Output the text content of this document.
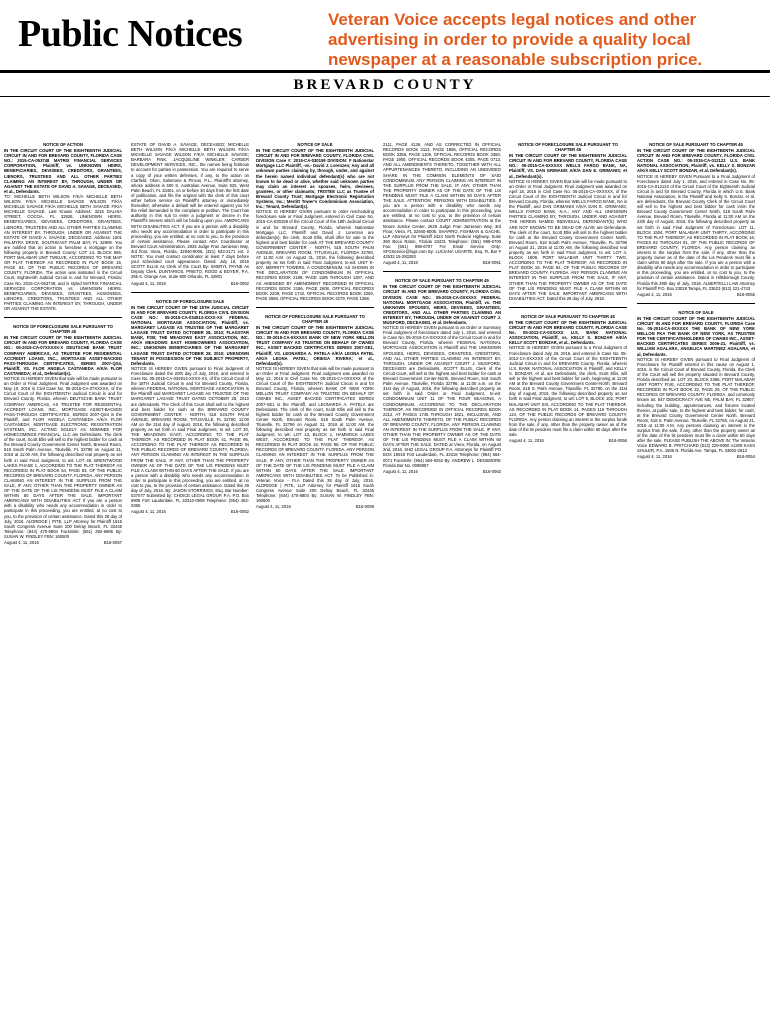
Public Notices	Veteran Voice accepts legal notices and other advertising in order to provide a quality local newspaper at a reasonable subscription price.
BREVARD COUNTY
NOTICE OF ACTION
IN THE CIRCUIT COURT OF THE EIGHTEENTH JUDICIAL CIRCUIT IN AND FOR BREVARD COUNTY, FLORIDA CASE NO.: 2015-CA-053748 MATRIX FINANCIAL SERVICES CORPORATION, Plaintiff, vs. UNKNOWN HEIRS, BENEFICIARIES, DEVISEES, CREDITORS, GRANTEES, LIENORS, TRUSTEES AND ALL OTHER PARTIES CLAIMING AN INTEREST BY, THROUGH, UNDER OR AGAINST THE ESTATE OF DAVID A. SAVAGE, DECEASED, et al., Defendants.

TO: MICHELLE BETH WILSON F/K/A MICHELLE BETH WILSON F/K/A MICHELLE SAVAGE WILSON F/K/A MICHELLE SAVAGE F/K/A MICHELLE BETH SAVAGE F/K/A MICHELLE SAVAGE. Last Known Address: 3215 DALHIA STREET, COCOA, FL 32926. UNKNOWN HEIRS, BENEFICIARIES, DEVISEES, CREDITORS, GRANTEES, LIENORS, TRUSTEES AND ALL OTHER PARTIES CLAIMING AN INTEREST BY, THROUGH, UNDER OR AGAINST THE ESTATE OF DAVID A. SAVAGE, DECEASED. Address: 1501 PALMYRA DRIVE, SOUTHEAST PALM BAY, FL 32909. You are notified that an action to foreclose a mortgage on the following property in Brevard County: LOT 14, BLOCK 565, PORT MALABAR UNIT TWELVE, ACCORDING TO THE MAP OR PLAT THEREOF AS RECORDED IN PLAT BOOK 15, PAGE 54, OF THE PUBLIC RECORDS OF BREVARD COUNTY, FLORIDA. The action was instituted in the Circuit Court, Eighteenth Judicial Circuit in and for Brevard, Florida; Case No. 2015-CA-053748; and is styled MATRIX FINANCIAL SERVICES CORPORATION vs. UNKNOWN HEIRS, BENEFICIARIES, DEVISEES, GRANTEES, ASSIGNEES, LIENORS, CREDITORS, TRUSTEES AND ALL OTHER PARTIES CLAIMING AN INTEREST BY, THROUGH, UNDER OR AGAINST THE ESTATE.

NOTICE OF FORECLOSURE SALE PURSUANT TO CHAPTER 45
IN THE CIRCUIT COURT OF THE EIGHTEENTH JUDICIAL CIRCUIT IN AND FOR BREVARD COUNTY, FLORIDA CASE NO.: 05-2015-CA-07XXXXX-X DEUTSCHE BANK TRUST COMPANY AMERICAS, AS TRUSTEE FOR RESIDENTIAL ACCREDIT LOANS, INC., MORTGAGE ASSET-BACKED PASS-THROUGH CERTIFICATES, SERIES 2007-QS4, Plaintiff, VS. FLOR ANGELA CASTANEDA A/K/A FLOR CASTANEDA; et al., Defendant(s).

NOTICE IS HEREBY GIVEN that sale will be made pursuant to an Order or Final Judgment. Final Judgment was awarded on May 10, 2016 in Civil Case No. 05-2015-CA-07XXXXX, of the Circuit Court of the EIGHTEENTH Judicial Circuit in and for Brevard County, Florida, wherein DEUTSCHE BANK TRUST COMPANY AMERICAS, AS TRUSTEE FOR RESIDENTIAL ACCREDIT LOANS, INC., MORTGAGE ASSET-BACKED PASS-THROUGH CERTIFICATES, SERIES 2007-QS4 is the Plaintiff, and FLOR ANGELA CASTANEDA A/K/A FLOR CASTANEDA; MORTGAGE ELECTRONIC REGISTRATION SYSTEMS, INC. ACTING SOLELY AS NOMINEE FOR HOMECOMINGS FINANCIAL, LLC are Defendants. The clerk of the court, Scott Ellis will sell to the highest bidder for cash at the Brevard County Government Center North, Brevard Room, 518 South Palm Avenue, Titusville, FL 32796 on August 31, 2016 at 11:00 AM, the following described real property as set forth in said Final Judgment, to wit: LOT 48, BRENTWOOD LAKES PHASE 1, ACCORDING TO THE PLAT THEREOF AS RECORDED IN PLAT BOOK 54, PAGE 93, OF THE PUBLIC RECORDS OF BREVARD COUNTY, FLORIDA. ANY PERSON CLAIMING AN INTEREST IN THE SURPLUS FROM THE SALE, IF ANY, OTHER THAN THE PROPERTY OWNER AS OF THE DATE OF THE LIS PENDENS MUST FILE A CLAIM WITHIN 60 DAYS AFTER THE SALE. IMPORTANT AMERICANS WITH DISABILITIES ACT If you are a person with a disability who needs any accommodation in order to participate in this proceeding, you are entitled, at no cost to you, to the provision of certain assistance. Dated this 28 day of July, 2016. ALDRIDGE | PITE, LLP Attorney for Plaintiff 1615 South Congress Avenue Suite 200 Delray Beach, FL 33445 Telephone: (844) 470-8804 Facsimile: (561) 392-6965 By: SUSAN W. FINDLEY FBN: 160600

August 4, 11, 2016	B16-0057

ESTATE OF DAVID A. SAVAGE, DECEASED; MICHELLE BETH WILSON F/K/A MICHELLE BETH WILSON F/K/A MICHELLE SAVAGE WILSON F/K/A MICHELLE SAVAGE; BARBARA FINK; JACQUELINE WINKLER; CAREER DEVELOPMENT SERVICES, INC., the names being fictitious to account for parties in possession. You are required to serve a copy of your written defenses, if any, to the action on Clarfield, Okon, Salomone & Pincus, P.L., Plaintiff's attorney, whose address is 500 S. Australian Avenue, Suite 825, West Palm Beach, FL 33401, on or before 30 days from the first date of publication, and file the original with the clerk of this court either before service on Plaintiff's attorney or immediately thereafter; otherwise a default will be entered against you for the relief demanded in the complaint or petition. The Court has authority in this suit to enter a judgment or decree in the Plaintiff's interest which will be binding upon you. AMERICANS WITH DISABILITIES ACT. If you are a person with a disability who needs any accommodation in order to participate in this proceeding, you are entitled, at no cost to you, to the provision of certain assistance. Please contact ADA Coordinator at Brevard Court Administration, 2825 Judge Fran Jamieson Way, 3rd floor, Viera, Florida, 32940-8006, (321) 633-2171 ext. 2 NOTE: You must contact coordinator at least 7 days before your scheduled court appearance. Dated: July 18, 2016 SCOTT ELLIS As Clerk of the Court By: SHERYL PAYNE As Deputy Clerk. DUNTARIOS, PRIETO, ROOD & BOYER, P.A. 255 S. Orange Ave, Suite 900 Orlando, FL 32801

August 4, 11, 2016	B16-0062
NOTICE OF FORECLOSURE SALE
IN THE CIRCUIT COURT OF THE 18TH JUDICIAL CIRCUIT IN AND FOR BREVARD COUNTY, FLORIDA CIVIL DIVISION CASE NO.: 05-2015-CA-034913-XXXX-XX FEDERAL NATIONAL MORTGAGE ASSOCIATION, Plaintiff, vs. MARGARET LAGASE AS TRUSTEE OF THE MARGARET LAGASE TRUST DATED OCTOBER 28, 2010; FLAGSTAR BANK, FSB; THE MEADOWS EAST ASSOCIATION, INC. A/K/A MEADOWS EAST HOMEOWNERS ASSOCIATION, INC.; UNKNOWN BENEFICIARIES OF THE MARGARET LAGASE TRUST DATED OCTOBER 28, 2010; UNKNOWN TENANT IN POSSESSION OF THE SUBJECT PROPERTY, Defendants.

NOTICE IS HEREBY GIVEN pursuant to Final Judgment of Foreclosure dated the 20th day of July, 2016, and entered in Case No. 05-2015-CA-034913-XXXX-XX, of the Circuit Court of the 18TH Judicial Circuit in and for Brevard County, Florida, wherein FEDERAL NATIONAL MORTGAGE ASSOCIATION is the Plaintiff and MARGARET LAGASE AS TRUSTEE OF THE MARGARET LAGASE TRUST DATED OCTOBER 28, 2010 are defendants. The Clerk of this Court shall sell to the highest and best bidder for cash at the BREVARD COUNTY GOVERNMENT CENTER - NORTH, 518 SOUTH PALM AVENUE, BREVARD ROOM, TITUSVILLE, FL 32780, 11:00 AM on the 31st day of August, 2016, the following described property as set forth in said Final Judgment, to wit: LOT 30, THE MEADOWS EAST, ACCORDING TO THE PLAT THEREOF, AS RECORDED IN PLAT BOOK 41, PAGE 95, ACCORDING TO THE PLAT THEREOF AS RECORDED IN THE PUBLIC RECORDS OF BREVARD COUNTY, FLORIDA. ANY PERSON CLAIMING AN INTEREST IN THE SURPLUS FROM THE SALE, IF ANY, OTHER THAN THE PROPERTY OWNER AS OF THE DATE OF THE LIS PENDENS MUST FILE A CLAIM WITHIN 60 DAYS AFTER THE SALE. If you are a person with a disability who needs any accommodation in order to participate in this proceeding, you are entitled, at no cost to you, to the provision of certain assistance. Dated this 29 day of July, 2016. By: JASON STORRINGS, Esq. Bar Number: 027077 Submitted by: CHOICE LEGAL GROUP, P.A. P.O. Box 9908 Fort Lauderdale, FL 33310-0908 Telephone: (954) 453-0365

August 4, 11, 2016	B16-0052
NOTICE OF SALE
IN THE CIRCUIT COURT OF THE EIGHTEENTH JUDICIAL CIRCUIT IN AND FOR BREVARD COUNTY, FLORIDA CIVIL DIVISION Case #: 2015-CA-030159 DIVISION: F Nationstar Mortgage LLC Plaintiff, -vs.- David J. Lorenzen; Any and all unknown parties claiming by, through, under, and against the herein named individual defendant(s) who are not known to be dead or alive, whether said unknown parties may claim an interest as spouses, heirs, devisees, grantees, or other claimants; TRISTEE LLC as Trustee of Brevard County Trust; Mortgage Electronic Registration Systems, Inc.; Merritt Tower's Condominium Association, Inc.; Tenant, Defendant(s).

NOTICE IS HEREBY GIVEN pursuant to order rescheduling foreclosure sale or Final Judgment, entered in Civil Case No. 2015-CA-030159 of the Circuit Court of the 18th Judicial Circuit in and for Brevard County, Florida, wherein Nationstar Mortgage LLC, Plaintiff and David J. Lorenzen are defendant(s), the clerk, Scott Ellis, shall offer for sale to the highest and best bidder for cash AT THE BREVARD COUNTY GOVERNMENT CENTER - NORTH, 518 SOUTH PALM AVENUE, BREVARD ROOM, TITUSVILLE, FLORIDA 32780, AT 11:00 A.M. on August 31, 2016, the following described property as set forth in said Final Judgment, to-wit: UNIT K-407, MERRITT TOWERS, A CONDOMINIUM, AS SHOWN IN THE DECLARATION OF CONDOMINIUM IN OFFICIAL RECORDS BOOK 2189, PAGE 1195 THROUGH 1307, AND AS AMENDED BY AMENDMENT RECORDED IN OFFICIAL RECORDS BOOK 2196, PAGE 2608, OFFICIAL RECORDS BOOK 2209, PAGE 1742, OFFICIAL RECORDS BOOK 2250, PAGE 2669, OFFICIAL RECORDS BOOK 2279, PAGE 1398.

NOTICE OF FORECLOSURE SALE PURSUANT TO CHAPTER 45
IN THE CIRCUIT COURT OF THE EIGHTEENTH JUDICIAL CIRCUIT IN AND FOR BREVARD COUNTY, FLORIDA CASE NO.: 05-2015-CA-0XXXXX BANK OF NEW YORK MELLON TRUST COMPANY AS TRUSTEE ON BEHALF OF CWABS INC., ASSET BACKED CERTIFICATES SERIES 2007-SE1, Plaintiff, VS. LEONARDA A. PATELA A/K/A LEONA PATEL A/K/A LEONA PATEL; ORIEGA RIVERA; et al., Defendant(s).

NOTICE IS HEREBY GIVEN that sale will be made pursuant to an Order or Final Judgment. Final Judgment was awarded on May 12, 2016 in Civil Case No. 05-2015-CA-0XXXXX of the Circuit Court of the EIGHTEENTH Judicial Circuit in and for Brevard County, Florida, wherein BANK OF NEW YORK MELLON TRUST COMPANY AS TRUSTEE ON BEHALF OF CWABS INC., ASSET BACKED CERTIFICATES SERIES 2007-SE1 is the Plaintiff, and LEONARDA A. PATELA are Defendants. The clerk of the court, Scott Ellis will sell to the highest bidder for cash at the Brevard County Government Center North, Brevard Room, 518 South Palm Avenue, Titusville, FL 32796 on August 31, 2016 at 11:00 AM, the following described real property as set forth in said Final Judgment, to wit: LOT 13, BLOCK 1, HAMMOCK LAKES WEST, ACCORDING TO THE PLAT THEREOF, AS RECORDED IN PLAT BOOK 16, PAGE 98, OF THE PUBLIC RECORDS OF BREVARD COUNTY, FLORIDA. ANY PERSON CLAIMING AN INTEREST IN THE SURPLUS FROM THE SALE, IF ANY, OTHER THAN THE PROPERTY OWNER AS OF THE DATE OF THE LIS PENDENS MUST FILE A CLAIM WITHIN 60 DAYS AFTER THE SALE. IMPORTANT AMERICANS WITH DISABILITIES ACT. To be Published in: Veteran Voice - FLA Dated this 28 day of July, 2016. ALDRIDGE | PITE, LLP Attorney for Plaintiff 1615 South Congress Avenue Suite 200 Delray Beach, FL 33445 Telephone: (844) 470-8804 By: SUSAN W. FINDLEY FBN: 160600

August 4, 11, 2016	B16-0059

2111, PAGE 4136, AND AS CORRECTED IN OFFICIAL RECORDS BOOK 3113, PAGE 1856, OFFICIAL RECORDS BOOK 3358, PAGE 1109, OFFICIAL RECORDS BOOK 3360, PAGE 1900, OFFICIAL RECORDS BOOK 4305, PAGE 0713, AND ALL AMENDMENTS THERETO, TOGETHER WITH ALL APPURTENANCES THERETO, INCLUDING AN UNDIVIDED SHARE IN THE COMMON ELEMENTS OF SAID CONDOMINIUM. ANY PERSON CLAIMING AN INTEREST IN THE SURPLUS FROM THE SALE, IF ANY, OTHER THAN THE PROPERTY OWNER AS OF THE DATE OF THE LIS PENDENS MUST FILE A CLAIM WITHIN 60 DAYS AFTER THE SALE. ATTENTION: PERSONS WITH DISABILITIES. If you are a person with a disability who needs any accommodation in order to participate in this proceeding, you are entitled, at no cost to you, to the provision of certain assistance. Please contact COURT ADMINISTRATION at the Moore Justice Center, 2825 Judge Fran Jamieson Way, 3rd Floor, Viera, FL 32940-8006. SHAPIRO, FISHMAN & GACHE, LLP Attorneys for Plaintiff 2424 North Federal Highway, Suite 360 Boca Raton, Florida 33431 Telephone: (561) 998-6700 Fax: (561) 998-6707 For Email Service Only: SFGService@logs.com By: LUCIANA UGARTE, Esq. FL Bar # 42532 15-283293

August 4, 11, 2016	B16-0061
NOTICE OF SALE PURSUANT TO CHAPTER 45
IN THE CIRCUIT COURT OF THE EIGHTEENTH JUDICIAL CIRCUIT IN AND FOR BREVARD COUNTY, FLORIDA CIVIL DIVISION CASE NO.: 05-2015-CA-0XXXXX FEDERAL NATIONAL MORTGAGE ASSOCIATION, Plaintiff, vs. THE UNKNOWN SPOUSES, HEIRS, DEVISEES, GRANTEES, CREDITORS, AND ALL OTHER PARTIES CLAIMING AN INTEREST BY, THROUGH, UNDER OR AGAINST COURT J. MUGFORD, DECEASED, et al. Defendants.

NOTICE IS HEREBY GIVEN pursuant to an Order or Summary Final Judgment of foreclosure dated July 1, 2016, and entered in Case No. 05-2015-CA-0XXXXX of the Circuit Court in and for Brevard County, Florida, wherein FEDERAL NATIONAL MORTGAGE ASSOCIATION is Plaintiff and THE UNKNOWN SPOUSES, HEIRS, DEVISEES, GRANTEES, CREDITORS, AND ALL OTHER PARTIES CLAIMING AN INTEREST BY, THROUGH, UNDER OR AGAINST COURT J. MUGFORD, DECEASED are Defendants, SCOTT ELLIS, Clerk of the Circuit Court, will sell to the highest and best bidder for cash at Brevard Government Center-North, Brevard Room, 518 South Palm Avenue, Titusville, Florida 32796, at 11:00 a.m. on the 31st day of August, 2016, the following described property as set forth in said Order or Final Judgment, to-wit: CONDOMINIUM UNIT 11 OF THE FOUR SEASONS, A CONDOMINIUM, ACCORDING TO THE DECLARATION THEREOF, AS RECORDED IN OFFICIAL RECORDS BOOK 2212, AT PAGES 1745 THROUGH 1821, INCLUSIVE, AND ALL AMENDMENTS THERETO, OF THE PUBLIC RECORDS OF BREVARD COUNTY, FLORIDA. ANY PERSON CLAIMING AN INTEREST IN THE SURPLUS FROM THE SALE, IF ANY, OTHER THAN THE PROPERTY OWNER AS OF THE DATE OF THE LIS PENDENS MUST FILE A CLAIM WITHIN 60 DAYS AFTER THE SALE. DATED at Viera, Florida, on August 2nd, 2016. SHD LEGAL GROUP P.A. Attorneys for Plaintiff PO BOX 19519 Fort Lauderdale, FL 33318 Telephone: (954) 564-0071 Facsimile: (954) 564-9252 By: ANDREW L. DENSMORE Florida Bar No. 0098857

August 4, 11, 2016	B16-0063
NOTICE OF FORECLOSURE SALE PURSUANT TO CHAPTER 45
IN THE CIRCUIT COURT OF THE EIGHTEENTH JUDICIAL CIRCUIT IN AND FOR BREVARD COUNTY, FLORIDA CASE NO.: 05-2015-CA-0XXXXX WELLS FARGO BANK, NA, Plaintiff, VS. DAN GRIMANIS A/K/A DAN E. GRIMANIS; et al., Defendant(s).

NOTICE IS HEREBY GIVEN that sale will be made pursuant to an Order or Final Judgment. Final Judgment was awarded on April 18, 2016 in Civil Case No. 05-2015-CA-0XXXXX, of the Circuit Court of the EIGHTEENTH Judicial Circuit in and for Brevard County, Florida, wherein WELLS FARGO BANK, NA is the Plaintiff, and DAN GRIMANIS A/K/A DAN E. GRIMANIS; WELLS FARGO BANK, N.A.; ANY AND ALL UNKNOWN PARTIES CLAIMING BY, THROUGH, UNDER AND AGAINST THE HEREIN NAMED INDIVIDUAL DEFENDANT(S) WHO ARE NOT KNOWN TO BE DEAD OR ALIVE are Defendants. The clerk of the court, Scott Ellis will sell to the highest bidder for cash at the Brevard County Government Center North, Brevard Room, 518 South Palm Avenue, Titusville, FL 32796 on August 31, 2016 at 11:00 AM, the following described real property as set forth in said Final Judgment, to wit: LOT 4, BLOCK 1609, PORT MALABAR UNIT THIRTY TWO, ACCORDING TO THE PLAT THEREOF, AS RECORDED IN PLAT BOOK 16, PAGE 92, OF THE PUBLIC RECORDS OF BREVARD COUNTY, FLORIDA. ANY PERSON CLAIMING AN INTEREST IN THE SURPLUS FROM THE SALE, IF ANY, OTHER THAN THE PROPERTY OWNER AS OF THE DATE OF THE LIS PENDENS MUST FILE A CLAIM WITHIN 60 DAYS AFTER THE SALE. IMPORTANT AMERICANS WITH DISABILITIES ACT. Dated this 28 day of July, 2016.

NOTICE OF SALE PURSUANT TO CHAPTER 45
IN THE CIRCUIT COURT OF THE EIGHTEENTH JUDICIAL CIRCUIT IN AND FOR BREVARD COUNTY, FLORIDA CASE No. 05-2012-CA-0XXXXX U.S. BANK NATIONAL ASSOCIATION, Plaintiff, vs. KELLY S. BONZAR A/K/A KELLY SCOTT BONZAR, et al., Defendants.

NOTICE IS HEREBY GIVEN pursuant to a Final Judgment of Foreclosure dated July 26, 2016, and entered in Case No. 05-2012-CA-0XXXXX of the Circuit Court of the EIGHTEENTH Judicial Circuit in and for BREVARD County, Florida, wherein U.S. BANK NATIONAL ASSOCIATION is Plaintiff, and KELLY S. BONZAR, et al. are Defendants, the clerk, Scott Ellis, will sell to the highest and best bidder for cash, beginning at 11:00 AM at the Brevard County Government Center-North, Brevard Room, 518 S. Palm Avenue, Titusville, FL 32780, on the 31st day of August, 2016, the following described property as set forth in said Final Judgment, to wit: LOT 5, BLOCK 102, PORT MALABAR UNIT SIX, ACCORDING TO THE PLAT THEREOF, AS RECORDED IN PLAT BOOK 14, PAGES 116 THROUGH 124, OF THE PUBLIC RECORDS OF BREVARD COUNTY, FLORIDA. Any person claiming an interest in the surplus funds from the sale, if any, other than the property owner as of the date of the lis pendens must file a claim within 60 days after the sale.

August 4, 11, 2016	B16-0056
NOTICE OF SALE PURSUANT TO CHAPTER 45
IN THE CIRCUIT COURT OF THE EIGHTEENTH JUDICIAL CIRCUIT IN AND FOR BREVARD COUNTY, FLORIDA CIVIL ACTION CASE NO.: 05-2015-CA-012122 U.S. BANK NATIONAL ASSOCIATION, Plaintiff, vs. KELLY S. BONZAR A/K/A KELLY SCOTT BONZAR, et al, Defendant(s).

NOTICE IS HEREBY GIVEN Pursuant to a Final Judgment of Foreclosure dated July 1, 2016, and entered in Case No. 05-2015-CA-012122 of the Circuit Court of the Eighteenth Judicial Circuit in and for Brevard County, Florida in which U.S. Bank National Association, is the Plaintiff and Kelly S. Bonzar, et al, are defendants, the Brevard County Clerk of the Circuit Court will sell to the highest and best bidder for cash in/on the Brevard County Government Center North, 518 South Palm Avenue, Brevard Room, Titusville, Florida at 11:00 AM on the 24th day of August, 2016, the following described property as set forth in said Final Judgment of Foreclosure: LOT 11, BLOCK 1504, PORT MALABAR UNIT THIRTY, ACCORDING TO THE PLAT THEREOF, AS RECORDED IN PLAT BOOK 16, PAGES 82 THROUGH 91, OF THE PUBLIC RECORDS OF BREVARD COUNTY, FLORIDA. Any person claiming an interest in the surplus from the sale, if any, other than the property owner as of the date of the Lis Pendens must file a claim within 60 days after the sale. If you are a person with a disability who needs any accommodation in order to participate in this proceeding, you are entitled, at no cost to you, to the provision of certain assistance. Dated in Hillsborough County, Florida this 29th day of July, 2016. ALBERTELLI LAW Attorney for Plaintiff P.O. Box 23028 Tampa, FL 33623 (813) 221-4743

August 4, 11, 2016	B16-0055
NOTICE OF SALE
IN THE CIRCUIT COURT OF THE EIGHTEENTH JUDICIAL CIRCUIT IN AND FOR BREVARD COUNTY, FLORIDA Case No. 05-2014-CA-0XXXXX THE BANK OF NEW YORK MELLON FKA THE BANK OF NEW YORK, AS TRUSTEE FOR THE CERTIFICATEHOLDERS OF CWABS INC., ASSET-BACKED CERTIFICATES SERIES 2006-21, Plaintiff, vs. WILLIAM AGALARA, ANGELICA MARTINEZ AGALARA, et al, Defendants.

NOTICE IS HEREBY GIVEN pursuant to Final Judgment of Foreclosure for Plaintiff entered in this cause on August 1, 2016, in the Circuit Court of Brevard County, Florida, the Clerk of the Court will sell the property situated in Brevard County, Florida described as: LOT 20, BLOCK 2365, PORT MALABAR UNIT FORTY FIVE, ACCORDING TO THE PLAT THEREOF, RECORDED IN PLAT BOOK 22, PAGE 29, OF THE PUBLIC RECORDS OF BREVARD COUNTY, FLORIDA. and commonly known as: 647 DEMOCRACY AVE NE, PALM BAY, FL 32907; including the building, appurtenances, and fixtures located therein, at public sale, to the highest and best bidder, for cash, at the Brevard County Government Center North, Brevard Room, 518 S. Palm Avenue, Titusville, FL 32780, on August 31, 2016 at 11:00 A.M. Any persons claiming an interest in the surplus from the sale, if any, other than the property owner as of the date of the lis pendens must file a claim within 60 days after the sale. PLEASE PUBLISH THE ABOVE IN: The Veteran Voice EDWARD B. PRITCHARD (813) 229-0900 x1309 KASS SHULER, P.A. 1505 N. Florida Ave. Tampa, FL 33602-2613

August 4, 11, 2016	B16-0054
